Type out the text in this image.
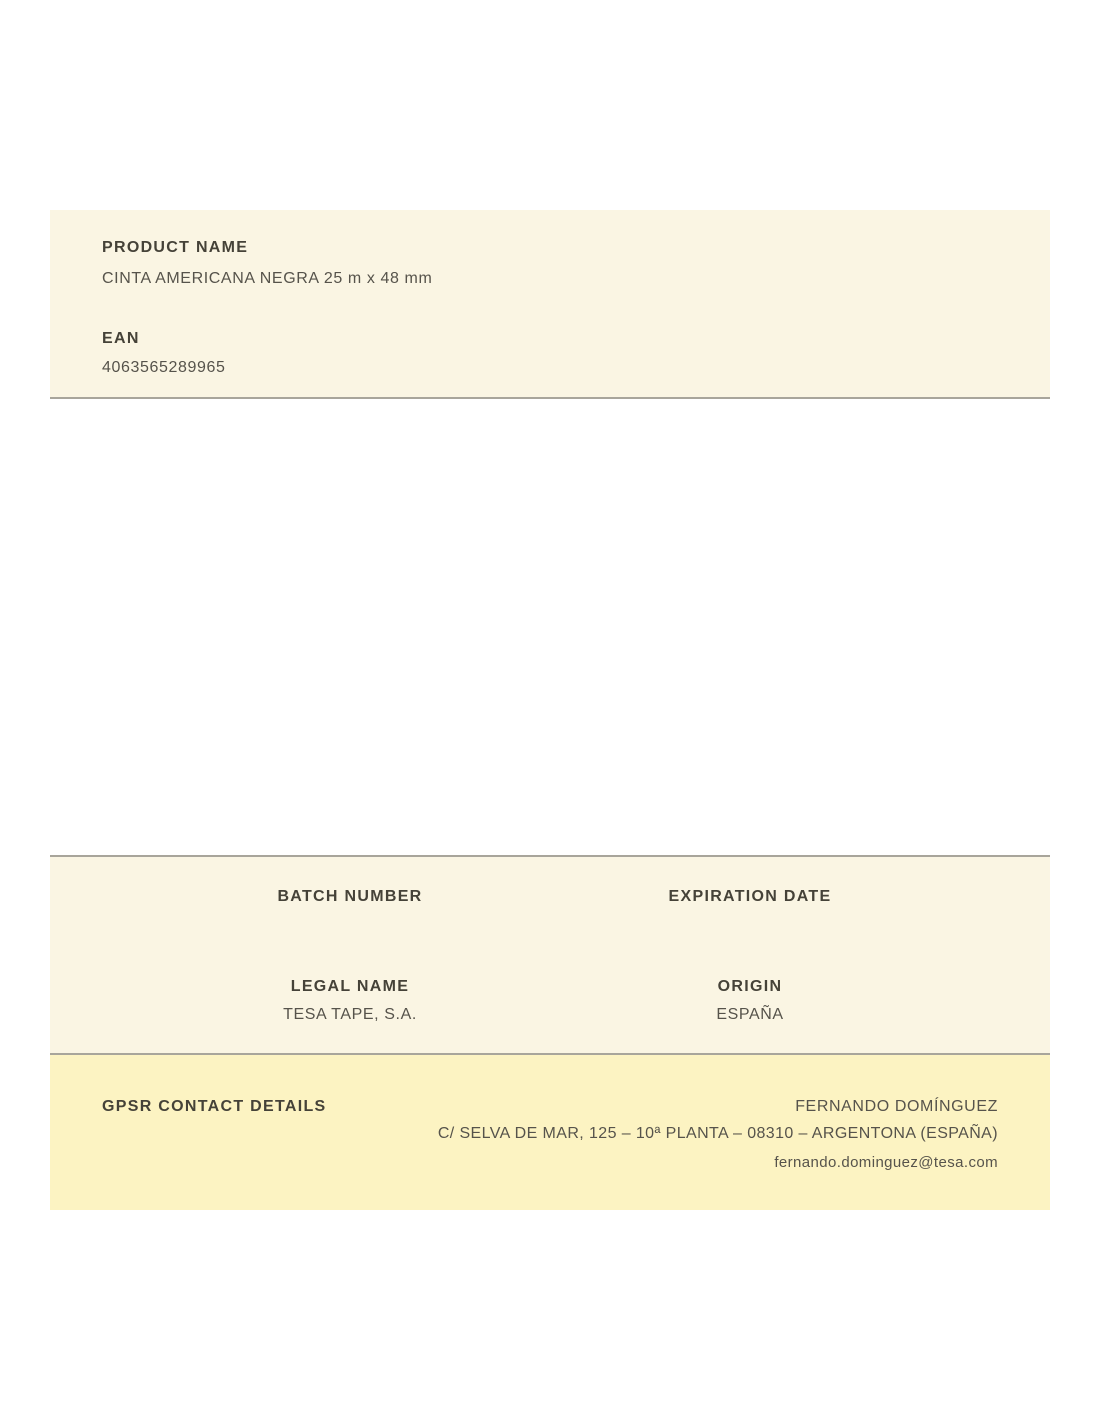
PRODUCT NAME
CINTA AMERICANA NEGRA 25 m x 48 mm
EAN
4063565289965
BATCH NUMBER	EXPIRATION DATE
LEGAL NAME
TESA TAPE, S.A.
ORIGIN
ESPAÑA
GPSR CONTACT DETAILS	FERNANDO DOMÍNGUEZ
C/ SELVA DE MAR, 125 – 10ª PLANTA – 08310 – ARGENTONA (ESPAÑA)
fernando.dominguez@tesa.com
